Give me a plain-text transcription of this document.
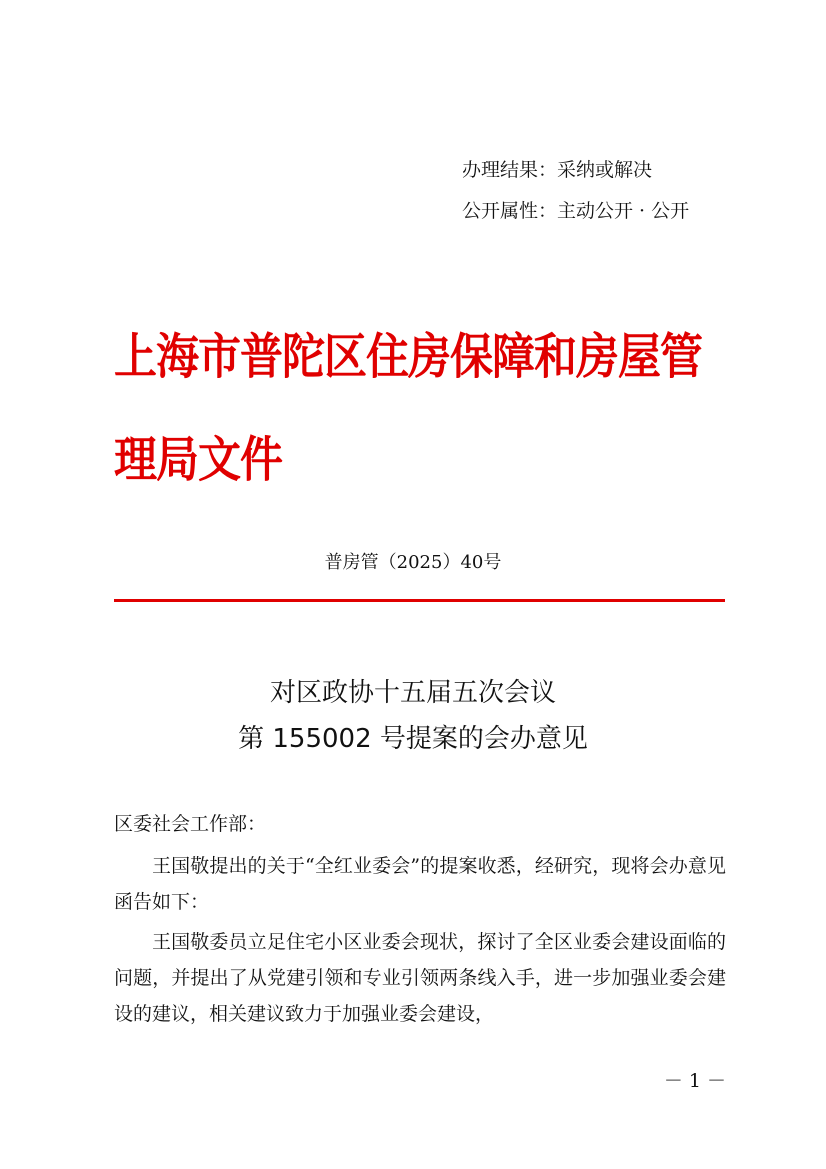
办理结果：采纳或解决
公开属性：主动公开 · 公开
上海市普陀区住房保障和房屋管理局文件
普房管（2025）40号
对区政协十五届五次会议
第 155002 号提案的会办意见
区委社会工作部：
王国敬提出的关于“全红业委会”的提案收悉，经研究，现将会办意见函告如下：
王国敬委员立足住宅小区业委会现状，探讨了全区业委会建设面临的问题，并提出了从党建引领和专业引领两条线入手，进一步加强业委会建设的建议，相关建议致力于加强业委会建设，
－ 1 －
